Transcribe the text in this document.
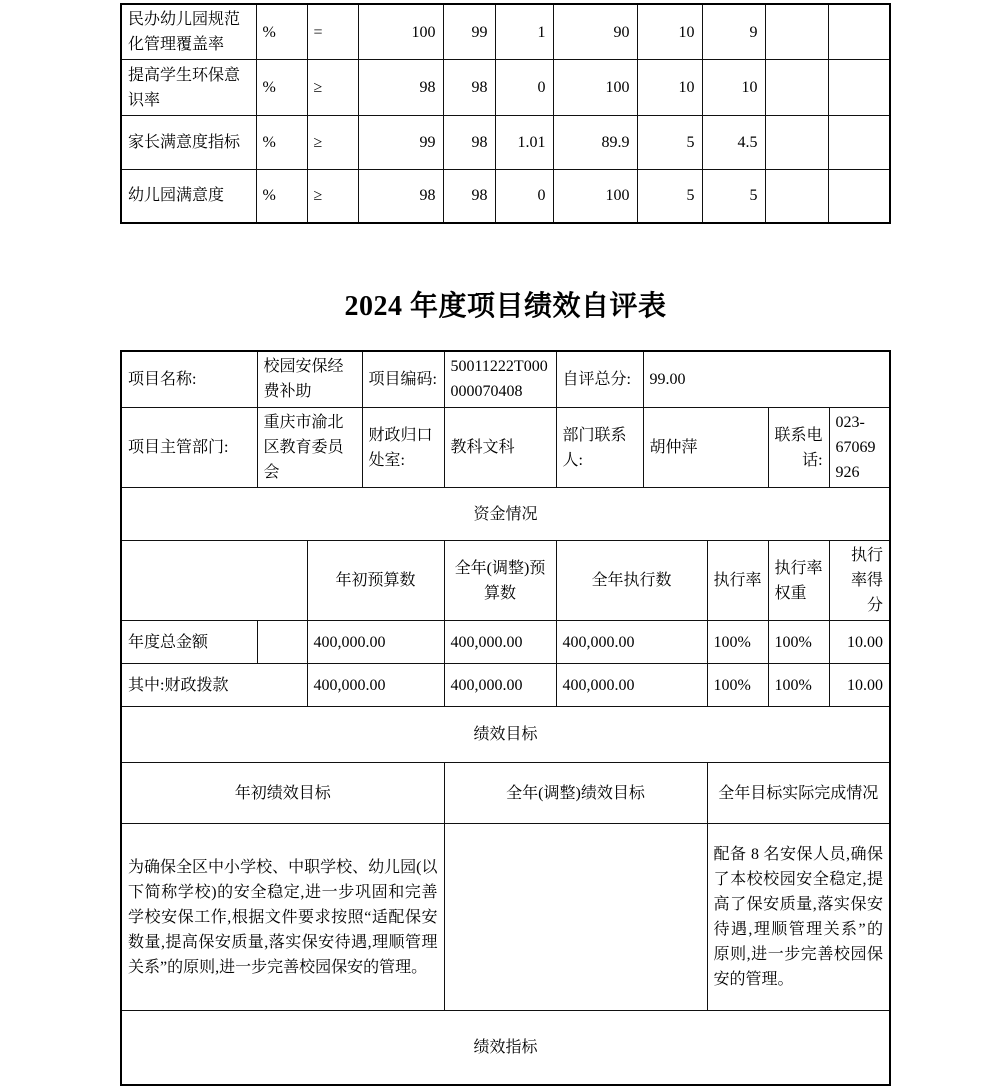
民办幼儿园规范化管理覆盖率	%	=	100	99	1	90	10	9		
提高学生环保意识率	%	≥	98	98	0	100	10	10		
家长满意度指标	%	≥	99	98	1.01	89.9	5	4.5		
幼儿园满意度	%	≥	98	98	0	100	5	5		
2024 年度项目绩效自评表
项目名称:	校园安保经费补助		项目编码:	50011222T000000070408	自评总分:	99.00			
项目主管部门:	重庆市渝北区教育委员会		财政归口处室:	教科文科	部门联系人:	胡仲萍		联系电话:	023-67069926
资金情况									
		年初预算数		全年(调整)预算数	全年执行数		执行率	执行率权重	执行率得分
年度总金额		400,000.00		400,000.00	400,000.00		100%	100%	10.00
其中:财政拨款		400,000.00		400,000.00	400,000.00		100%	100%	10.00
绩效目标									
年初绩效目标				全年(调整)绩效目标			全年目标实际完成情况		
为确保全区中小学校、中职学校、幼儿园(以下简称学校)的安全稳定,进一步巩固和完善学校安保工作,根据文件要求按照“适配保安数量,提高保安质量,落实保安待遇,理顺管理关系”的原则,进一步完善校园保安的管理。							配备 8 名安保人员,确保了本校校园安全稳定,提高了保安质量,落实保安待遇,理顺管理关系”的原则,进一步完善校园保安的管理。		
绩效指标									
